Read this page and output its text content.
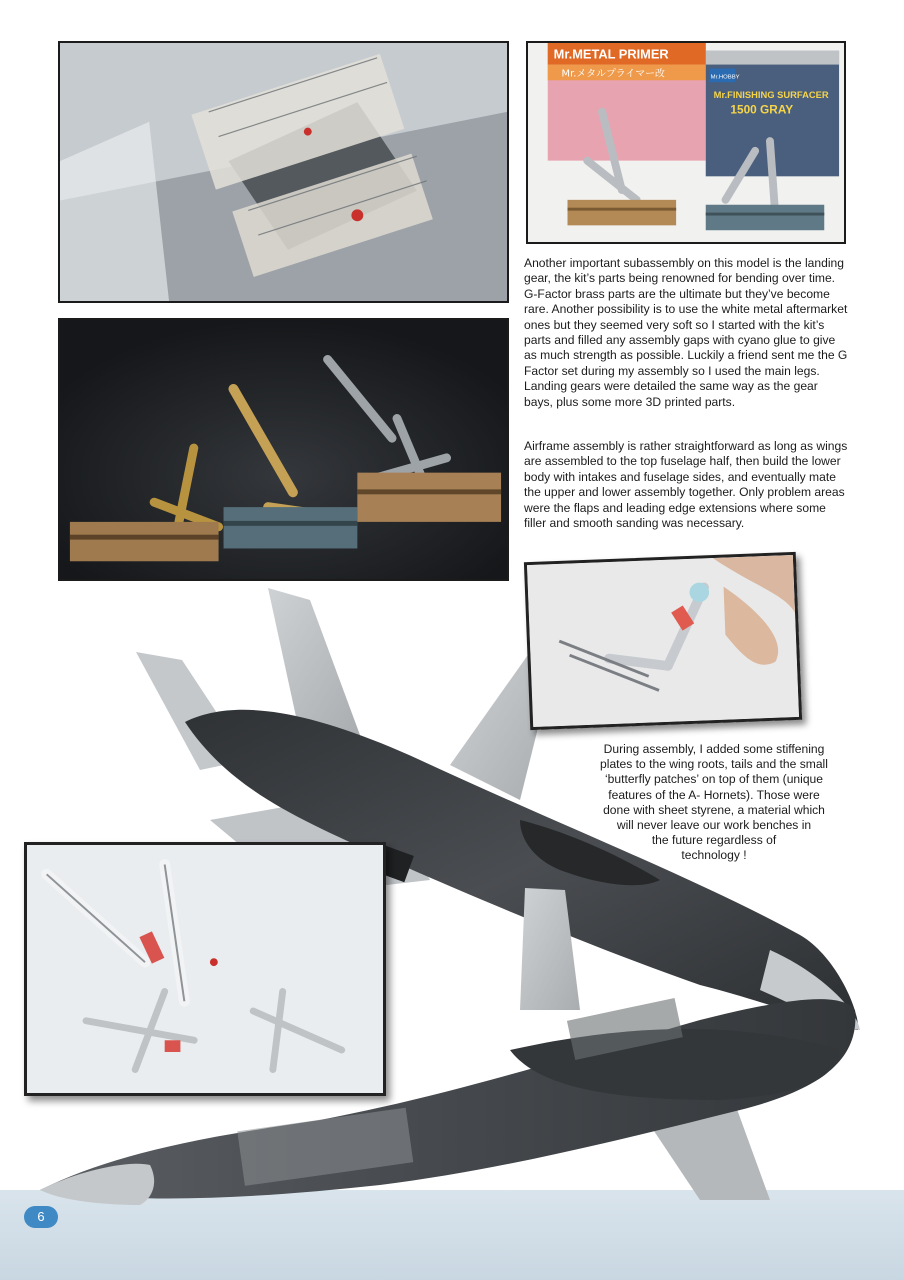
Mr.METAL PRIMER
Mr.メタルプライマー改	Mr.HOBBY
Mr.FINISHING SURFACER
1500 GRAY

Another important subassembly on this model is the landing gear, the kit’s parts being renowned for bending over time. G-Factor brass parts are the ultimate but they’ve become rare. Another possibility is to use the white metal aftermarket ones but they seemed very soft so I started with the kit’s parts and filled any assembly gaps with cyano glue to give as much strength as possible. Luckily a friend sent me the G Factor set during my assembly so I used the main legs. Landing gears were detailed the same way as the gear bays, plus some more 3D printed parts.

Airframe assembly is rather straightforward as long as wings are assembled to the top fuselage half, then build the lower body with intakes and fuselage sides, and eventually mate the upper and lower assembly together. Only problem areas were the flaps and leading edge extensions where some filler and smooth sanding was necessary.

During assembly, I added some stiffening
plates to the wing roots, tails and the small
‘butterfly patches’ on top of them (unique
features of the A- Hornets). Those were
done with sheet styrene, a material which
will never leave our work benches in
the future regardless of
technology !

6
